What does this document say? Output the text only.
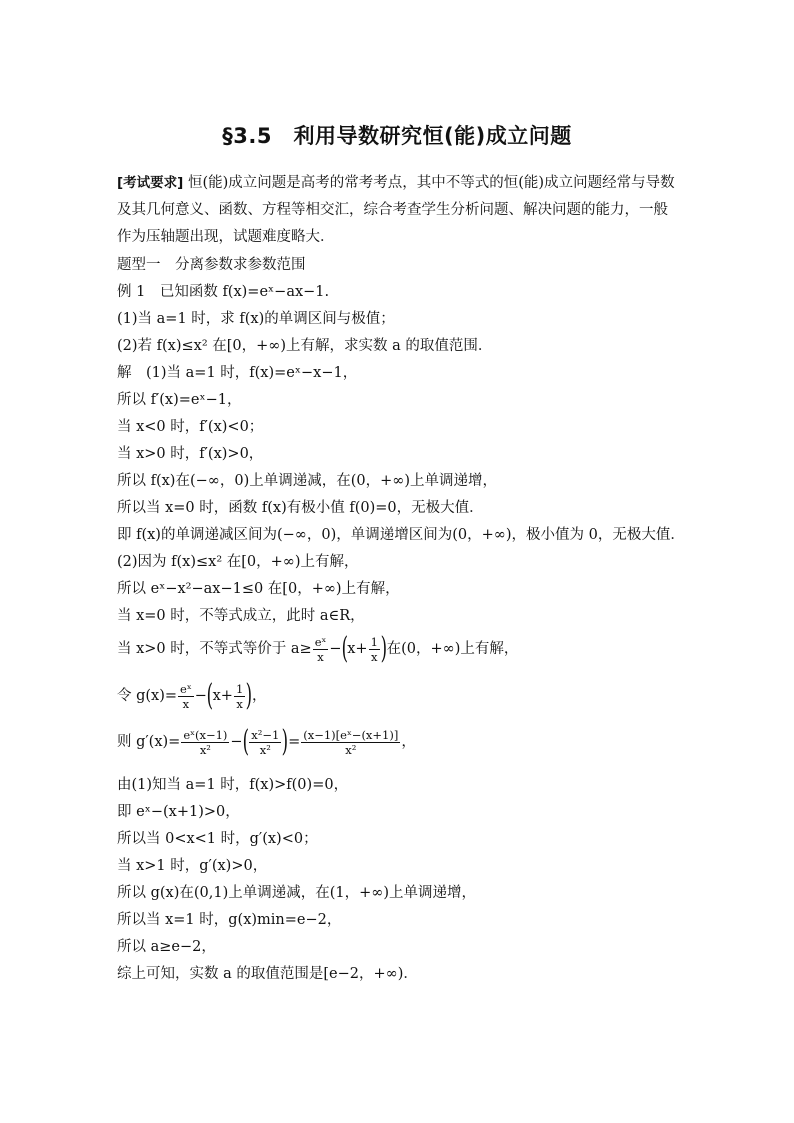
§3.5　利用导数研究恒(能)成立问题
[考试要求] 恒(能)成立问题是高考的常考考点，其中不等式的恒(能)成立问题经常与导数及其几何意义、函数、方程等相交汇，综合考查学生分析问题、解决问题的能力，一般作为压轴题出现，试题难度略大．
题型一　分离参数求参数范围
例 1　已知函数 f(x)=eˣ−ax−1.
(1)当 a=1 时，求 f(x)的单调区间与极值；
(2)若 f(x)≤x² 在[0，+∞)上有解，求实数 a 的取值范围．
解　(1)当 a=1 时，f(x)=eˣ−x−1，
所以 f′(x)=eˣ−1，
当 x<0 时，f′(x)<0；
当 x>0 时，f′(x)>0，
所以 f(x)在(−∞，0)上单调递减，在(0，+∞)上单调递增，
所以当 x=0 时，函数 f(x)有极小值 f(0)=0，无极大值．
即 f(x)的单调递减区间为(−∞，0)，单调递增区间为(0，+∞)，极小值为 0，无极大值．
(2)因为 f(x)≤x² 在[0，+∞)上有解，
所以 eˣ−x²−ax−1≤0 在[0，+∞)上有解，
当 x=0 时，不等式成立，此时 a∈R，
当 x>0 时，不等式等价于 $a\ge \frac{\text{eˣ}}{x} -(x+ \frac{1}{x}$ )在(0，+∞)上有解，
令 $g(x)= \frac{\text{eˣ}}{x} -(x+ \frac{1}{x}$ )，
则 $g'(x)= \frac{\text{eˣ(x−1)}}{\text{x²}}$ −( $\frac{\text{x²−1}}{\text{x²}}$ )= $\frac{\text{(x−1)[eˣ−(x+1)]}}{\text{x²}}$ ，
由(1)知当 a=1 时，f(x)>f(0)=0，
即 eˣ−(x+1)>0，
所以当 0<x<1 时，g′(x)<0；
当 x>1 时，g′(x)>0，
所以 g(x)在(0,1)上单调递减，在(1，+∞)上单调递增，
所以当 x=1 时，g(x)min=e−2，
所以 a≥e−2，
综上可知，实数 a 的取值范围是[e−2，+∞)．
